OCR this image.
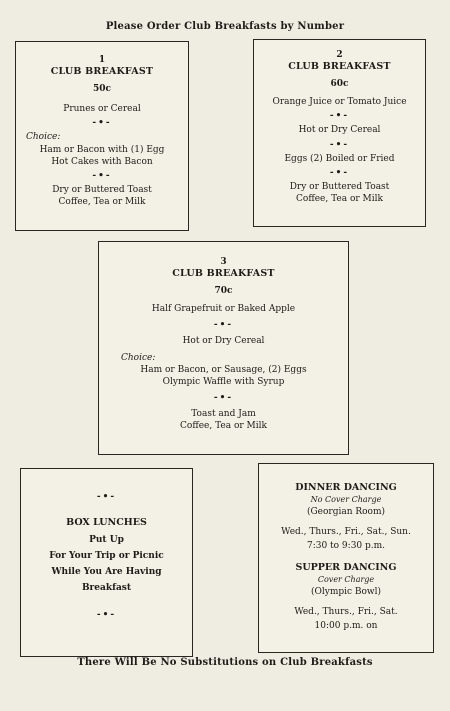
Please Order Club Breakfasts by Number
1
CLUB BREAKFAST
50c
Prunes or Cereal
-•-
Choice:
Ham or Bacon with (1) Egg
Hot Cakes with Bacon
-•-
Dry or Buttered Toast
Coffee, Tea or Milk
2
CLUB BREAKFAST
60c
Orange Juice or Tomato Juice
-•-
Hot or Dry Cereal
-•-
Eggs (2) Boiled or Fried
-•-
Dry or Buttered Toast
Coffee, Tea or Milk
3
CLUB BREAKFAST
70c
Half Grapefruit or Baked Apple
-•-
Hot or Dry Cereal
Choice:
Ham or Bacon, or Sausage, (2) Eggs
Olympic Waffle with Syrup
-•-
Toast and Jam
Coffee, Tea or Milk
-•-
BOX LUNCHES
Put Up
For Your Trip or Picnic
While You Are Having
Breakfast
-•-
DINNER DANCING
No Cover Charge
(Georgian Room)
Wed., Thurs., Fri., Sat., Sun.
7:30 to 9:30 p.m.
SUPPER DANCING
Cover Charge
(Olympic Bowl)
Wed., Thurs., Fri., Sat.
10:00 p.m. on
There Will Be No Substitutions on Club Breakfasts
